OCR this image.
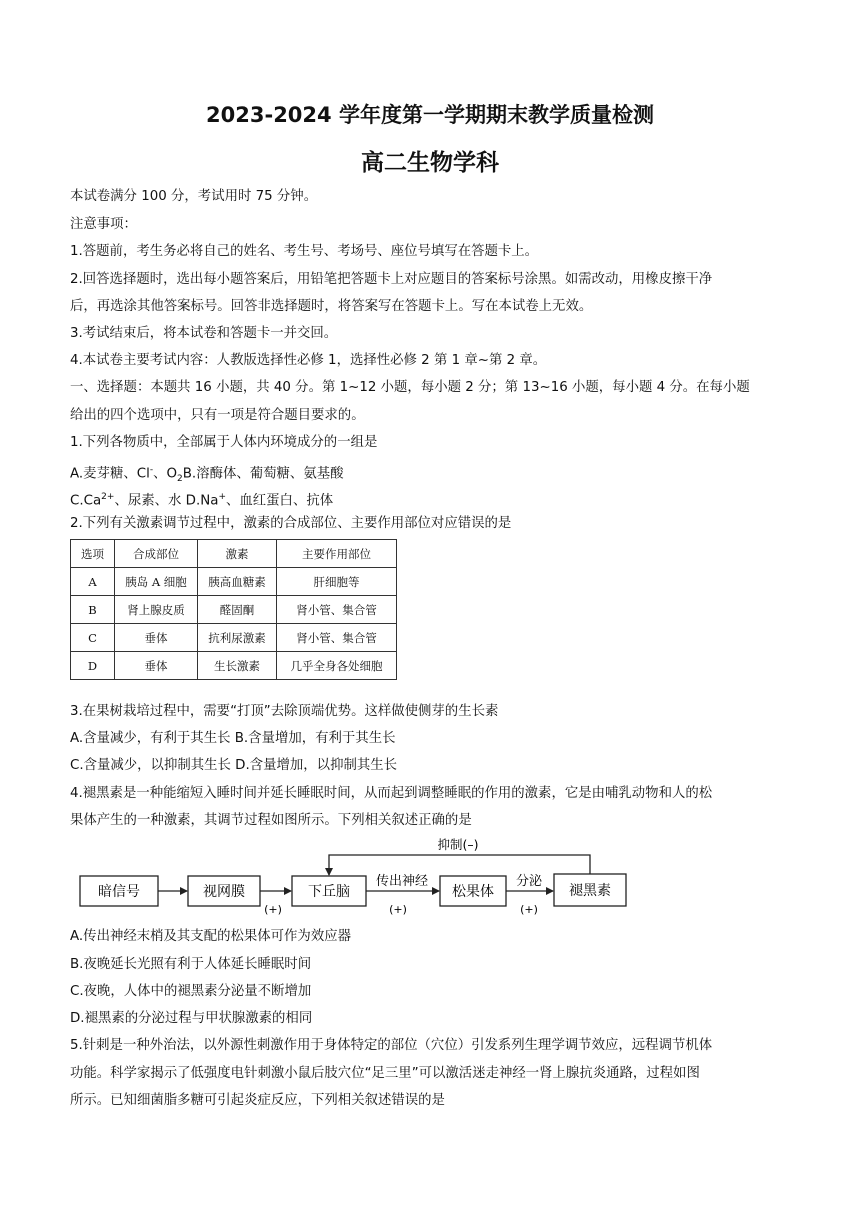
2023-2024 学年度第一学期期末教学质量检测
高二生物学科
本试卷满分 100 分，考试用时 75 分钟。
注意事项：
1.答题前，考生务必将自己的姓名、考生号、考场号、座位号填写在答题卡上。
2.回答选择题时，选出每小题答案后，用铅笔把答题卡上对应题目的答案标号涂黑。如需改动，用橡皮擦干净
后，再选涂其他答案标号。回答非选择题时，将答案写在答题卡上。写在本试卷上无效。
3.考试结束后，将本试卷和答题卡一并交回。
4.本试卷主要考试内容：人教版选择性必修 1，选择性必修 2 第 1 章~第 2 章。
一、选择题：本题共 16 小题，共 40 分。第 1~12 小题，每小题 2 分；第 13~16 小题，每小题 4 分。在每小题
给出的四个选项中，只有一项是符合题目要求的。
1.下列各物质中，全部属于人体内环境成分的一组是
A.麦芽糖、Cl-、$O_2B$.溶酶体、葡萄糖、氨基酸
$C.Ca^{2+}$、尿素、水 D.Na+、血红蛋白、抗体
2.下列有关激素调节过程中，激素的合成部位、主要作用部位对应错误的是
选项	合成部位	激素	主要作用部位
A	胰岛 A 细胞	胰高血糖素	肝细胞等
B	肾上腺皮质	醛固酮	肾小管、集合管
C	垂体	抗利尿激素	肾小管、集合管
D	垂体	生长激素	几乎全身各处细胞
3.在果树栽培过程中，需要“打顶”去除顶端优势。这样做使侧芽的生长素
A.含量减少，有利于其生长 B.含量增加，有利于其生长
C.含量减少，以抑制其生长 D.含量增加，以抑制其生长
4.褪黑素是一种能缩短入睡时间并延长睡眠时间，从而起到调整睡眠的作用的激素，它是由哺乳动物和人的松
果体产生的一种激素，其调节过程如图所示。下列相关叙述正确的是
暗信号	视网膜	下丘脑	松果体	褪黑素
(+)
传出神经
(+)
分泌
(+)
抑制(–)
A.传出神经末梢及其支配的松果体可作为效应器
B.夜晚延长光照有利于人体延长睡眠时间
C.夜晚，人体中的褪黑素分泌量不断增加
D.褪黑素的分泌过程与甲状腺激素的相同
5.针刺是一种外治法，以外源性刺激作用于身体特定的部位（穴位）引发系列生理学调节效应，远程调节机体
功能。科学家揭示了低强度电针刺激小鼠后肢穴位“足三里”可以激活迷走神经一肾上腺抗炎通路，过程如图
所示。已知细菌脂多糖可引起炎症反应，下列相关叙述错误的是
